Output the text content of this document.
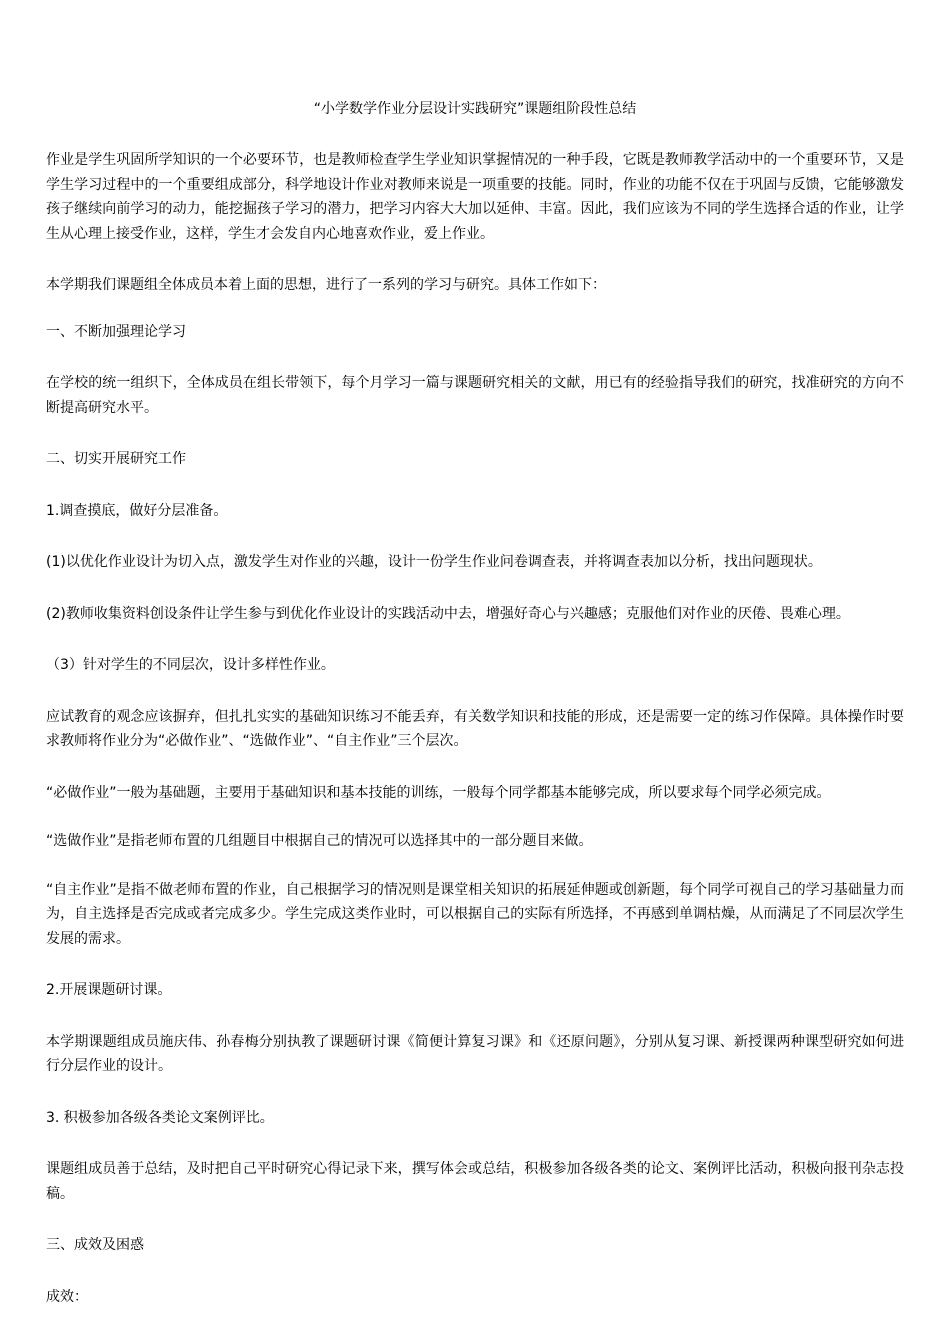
“小学数学作业分层设计实践研究”课题组阶段性总结

作业是学生巩固所学知识的一个必要环节，也是教师检查学生学业知识掌握情况的一种手段，它既是教师教学活动中的一个重要环节，又是学生学习过程中的一个重要组成部分，科学地设计作业对教师来说是一项重要的技能。同时，作业的功能不仅在于巩固与反馈，它能够激发孩子继续向前学习的动力，能挖掘孩子学习的潜力，把学习内容大大加以延伸、丰富。因此，我们应该为不同的学生选择合适的作业，让学生从心理上接受作业，这样，学生才会发自内心地喜欢作业，爱上作业。

本学期我们课题组全体成员本着上面的思想，进行了一系列的学习与研究。具体工作如下：

一、不断加强理论学习

在学校的统一组织下，全体成员在组长带领下，每个月学习一篇与课题研究相关的文献，用已有的经验指导我们的研究，找准研究的方向不断提高研究水平。

二、切实开展研究工作

1.调查摸底，做好分层准备。

(1)以优化作业设计为切入点，激发学生对作业的兴趣，设计一份学生作业问卷调查表，并将调查表加以分析，找出问题现状。

(2)教师收集资料创设条件让学生参与到优化作业设计的实践活动中去，增强好奇心与兴趣感；克服他们对作业的厌倦、畏难心理。

（3）针对学生的不同层次，设计多样性作业。

应试教育的观念应该摒弃，但扎扎实实的基础知识练习不能丢弃，有关数学知识和技能的形成，还是需要一定的练习作保障。具体操作时要求教师将作业分为“必做作业”、“选做作业”、“自主作业”三个层次。

“必做作业”一般为基础题，主要用于基础知识和基本技能的训练，一般每个同学都基本能够完成，所以要求每个同学必须完成。

“选做作业”是指老师布置的几组题目中根据自己的情况可以选择其中的一部分题目来做。

“自主作业”是指不做老师布置的作业，自己根据学习的情况则是课堂相关知识的拓展延伸题或创新题，每个同学可视自己的学习基础量力而为，自主选择是否完成或者完成多少。学生完成这类作业时，可以根据自己的实际有所选择，不再感到单调枯燥，从而满足了不同层次学生发展的需求。

2.开展课题研讨课。

本学期课题组成员施庆伟、孙春梅分别执教了课题研讨课《简便计算复习课》和《还原问题》，分别从复习课、新授课两种课型研究如何进行分层作业的设计。

3. 积极参加各级各类论文案例评比。

课题组成员善于总结，及时把自己平时研究心得记录下来，撰写体会或总结，积极参加各级各类的论文、案例评比活动，积极向报刊杂志投稿。

三、成效及困惑

成效：
